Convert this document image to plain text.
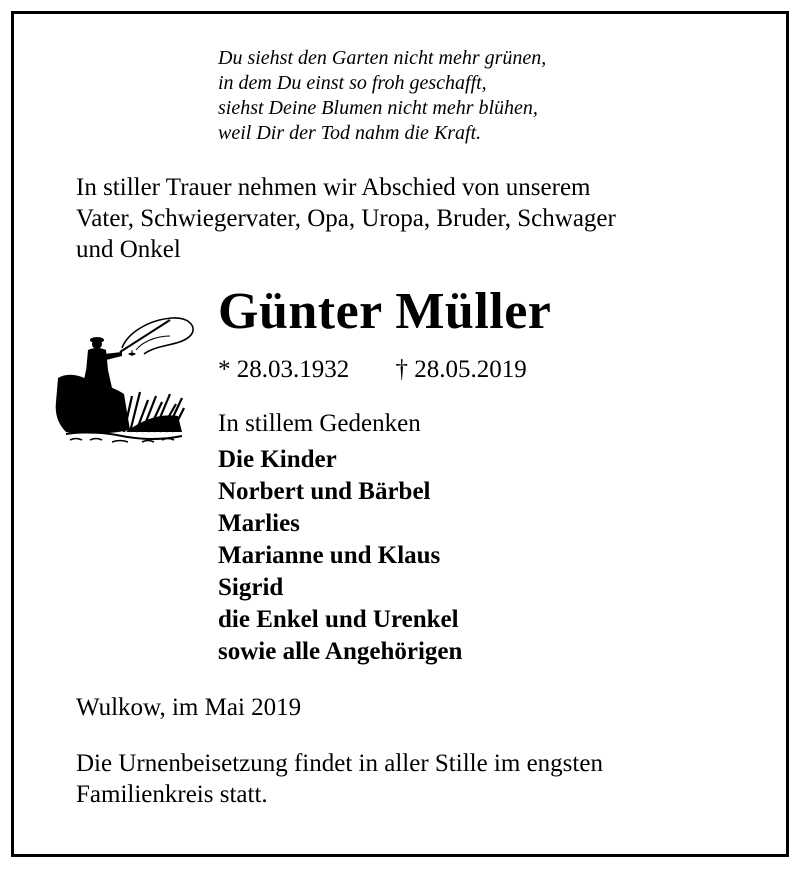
Du siehst den Garten nicht mehr grünen,
in dem Du einst so froh geschafft,
siehst Deine Blumen nicht mehr blühen,
weil Dir der Tod nahm die Kraft.
In stiller Trauer nehmen wir Abschied von unserem
Vater, Schwiegervater, Opa, Uropa, Bruder, Schwager
und Onkel
Günter Müller
* 28.03.1932 † 28.05.2019
In stillem Gedenken
Die Kinder
Norbert und Bärbel
Marlies
Marianne und Klaus
Sigrid
die Enkel und Urenkel
sowie alle Angehörigen
Wulkow, im Mai 2019
Die Urnenbeisetzung findet in aller Stille im engsten
Familienkreis statt.
